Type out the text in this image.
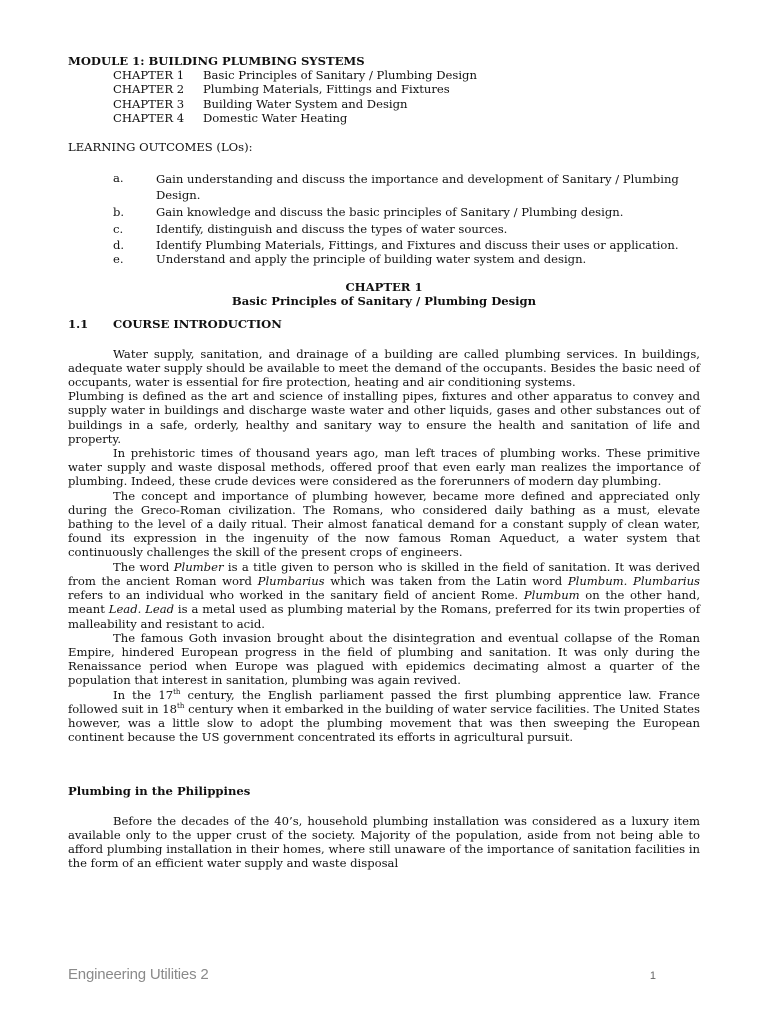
MODULE 1: BUILDING PLUMBING SYSTEMS
CHAPTER 1 Basic Principles of Sanitary / Plumbing Design
CHAPTER 2 Plumbing Materials, Fittings and Fixtures
CHAPTER 3 Building Water System and Design
CHAPTER 4 Domestic Water Heating
LEARNING OUTCOMES (LOs):
a.	Gain understanding and discuss the importance and development of Sanitary / Plumbing Design.
b.	Gain knowledge and discuss the basic principles of Sanitary / Plumbing design.
c.	Identify, distinguish and discuss the types of water sources.
d.	Identify Plumbing Materials, Fittings, and Fixtures and discuss their uses or application.
e.	Understand and apply the principle of building water system and design.
CHAPTER 1
Basic Principles of Sanitary / Plumbing Design
1.1 COURSE INTRODUCTION

Water supply, sanitation, and drainage of a building are called plumbing services. In buildings, adequate water supply should be available to meet the demand of the occupants. Besides the basic need of occupants, water is essential for fire protection, heating and air conditioning systems.

Plumbing is defined as the art and science of installing pipes, fixtures and other apparatus to convey and supply water in buildings and discharge waste water and other liquids, gases and other substances out of buildings in a safe, orderly, healthy and sanitary way to ensure the health and sanitation of life and property.

In prehistoric times of thousand years ago, man left traces of plumbing works. These primitive water supply and waste disposal methods, offered proof that even early man realizes the importance of plumbing. Indeed, these crude devices were considered as the forerunners of modern day plumbing.

The concept and importance of plumbing however, became more defined and appreciated only during the Greco-Roman civilization. The Romans, who considered daily bathing as a must, elevate bathing to the level of a daily ritual. Their almost fanatical demand for a constant supply of clean water, found its expression in the ingenuity of the now famous Roman Aqueduct, a water system that continuously challenges the skill of the present crops of engineers.

The word Plumber is a title given to person who is skilled in the field of sanitation. It was derived from the ancient Roman word Plumbarius which was taken from the Latin word Plumbum. Plumbarius refers to an individual who worked in the sanitary field of ancient Rome. Plumbum on the other hand, meant Lead. Lead is a metal used as plumbing material by the Romans, preferred for its twin properties of malleability and resistant to acid.

The famous Goth invasion brought about the disintegration and eventual collapse of the Roman Empire, hindered European progress in the field of plumbing and sanitation. It was only during the Renaissance period when Europe was plagued with epidemics decimating almost a quarter of the population that interest in sanitation, plumbing was again revived.

In the 17th century, the English parliament passed the first plumbing apprentice law. France followed suit in 18th century when it embarked in the building of water service facilities. The United States however, was a little slow to adopt the plumbing movement that was then sweeping the European continent because the US government concentrated its efforts in agricultural pursuit.

Plumbing in the Philippines

Before the decades of the 40’s, household plumbing installation was considered as a luxury item available only to the upper crust of the society. Majority of the population, aside from not being able to afford plumbing installation in their homes, where still unaware of the importance of sanitation facilities in the form of an efficient water supply and waste disposal

Engineering Utilities 2	1
